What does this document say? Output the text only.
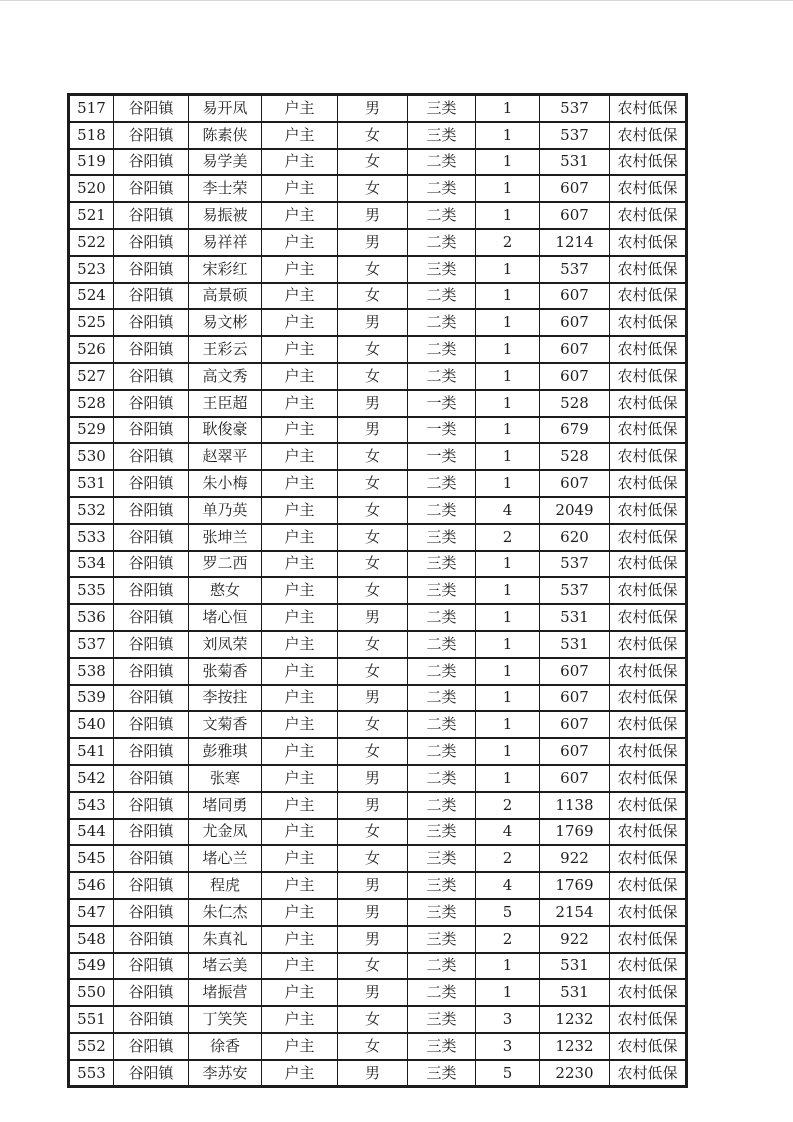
517	谷阳镇	易开凤	户主	男	三类	1	537	农村低保
518	谷阳镇	陈素侠	户主	女	三类	1	537	农村低保
519	谷阳镇	易学美	户主	女	二类	1	531	农村低保
520	谷阳镇	李士荣	户主	女	二类	1	607	农村低保
521	谷阳镇	易振被	户主	男	二类	1	607	农村低保
522	谷阳镇	易祥祥	户主	男	二类	2	1214	农村低保
523	谷阳镇	宋彩红	户主	女	三类	1	537	农村低保
524	谷阳镇	高景硕	户主	女	二类	1	607	农村低保
525	谷阳镇	易文彬	户主	男	二类	1	607	农村低保
526	谷阳镇	王彩云	户主	女	二类	1	607	农村低保
527	谷阳镇	高文秀	户主	女	二类	1	607	农村低保
528	谷阳镇	王臣超	户主	男	一类	1	528	农村低保
529	谷阳镇	耿俊豪	户主	男	一类	1	679	农村低保
530	谷阳镇	赵翠平	户主	女	一类	1	528	农村低保
531	谷阳镇	朱小梅	户主	女	二类	1	607	农村低保
532	谷阳镇	单乃英	户主	女	二类	4	2049	农村低保
533	谷阳镇	张坤兰	户主	女	三类	2	620	农村低保
534	谷阳镇	罗二西	户主	女	三类	1	537	农村低保
535	谷阳镇	憨女	户主	女	三类	1	537	农村低保
536	谷阳镇	堵心恒	户主	男	二类	1	531	农村低保
537	谷阳镇	刘凤荣	户主	女	二类	1	531	农村低保
538	谷阳镇	张菊香	户主	女	二类	1	607	农村低保
539	谷阳镇	李按拄	户主	男	二类	1	607	农村低保
540	谷阳镇	文菊香	户主	女	二类	1	607	农村低保
541	谷阳镇	彭雅琪	户主	女	二类	1	607	农村低保
542	谷阳镇	张寒	户主	男	二类	1	607	农村低保
543	谷阳镇	堵同勇	户主	男	二类	2	1138	农村低保
544	谷阳镇	尤金凤	户主	女	三类	4	1769	农村低保
545	谷阳镇	堵心兰	户主	女	三类	2	922	农村低保
546	谷阳镇	程虎	户主	男	三类	4	1769	农村低保
547	谷阳镇	朱仁杰	户主	男	三类	5	2154	农村低保
548	谷阳镇	朱真礼	户主	男	三类	2	922	农村低保
549	谷阳镇	堵云美	户主	女	二类	1	531	农村低保
550	谷阳镇	堵振营	户主	男	二类	1	531	农村低保
551	谷阳镇	丁笑笑	户主	女	三类	3	1232	农村低保
552	谷阳镇	徐香	户主	女	三类	3	1232	农村低保
553	谷阳镇	李苏安	户主	男	三类	5	2230	农村低保
